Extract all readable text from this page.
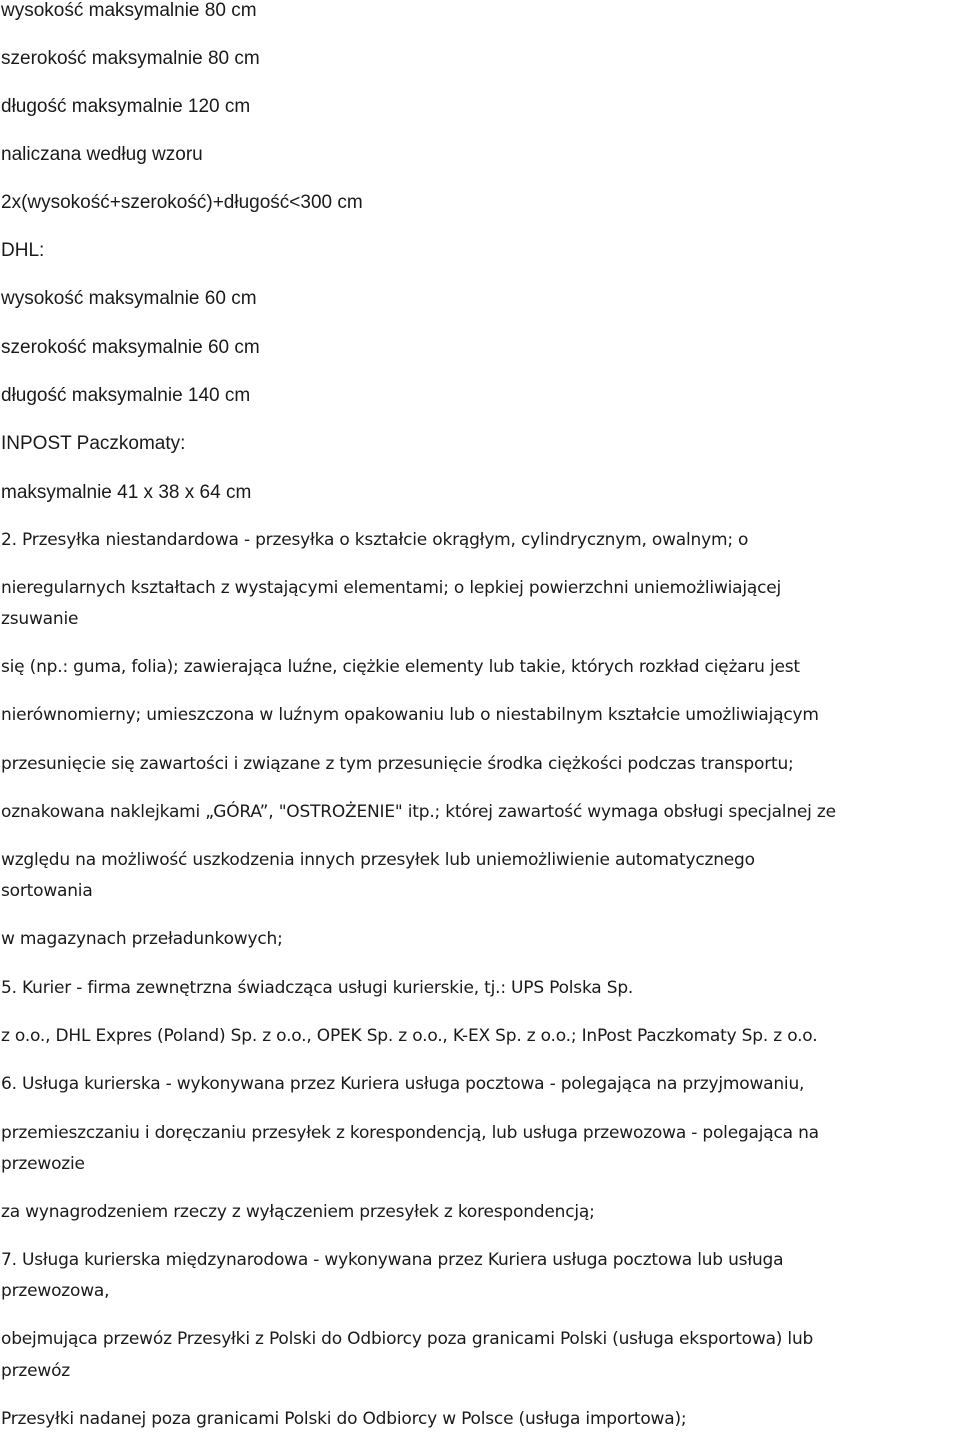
wysokość maksymalnie 80 cm
szerokość maksymalnie 80 cm
długość maksymalnie 120 cm
naliczana według wzoru
2x(wysokość+szerokość)+długość<300 cm
DHL:
wysokość maksymalnie 60 cm
szerokość maksymalnie 60 cm
długość maksymalnie 140 cm
INPOST Paczkomaty:
maksymalnie 41 x 38 x 64 cm
2. Przesyłka niestandardowa - przesyłka o kształcie okrągłym, cylindrycznym, owalnym; o
nieregularnych kształtach z wystającymi elementami; o lepkiej powierzchni uniemożliwiającej
zsuwanie
się (np.: guma, folia); zawierająca luźne, ciężkie elementy lub takie, których rozkład ciężaru jest
nierównomierny; umieszczona w luźnym opakowaniu lub o niestabilnym kształcie umożliwiającym
przesunięcie się zawartości i związane z tym przesunięcie środka ciężkości podczas transportu;
oznakowana naklejkami „GÓRA”, "OSTROŻENIE" itp.; której zawartość wymaga obsługi specjalnej ze
względu na możliwość uszkodzenia innych przesyłek lub uniemożliwienie automatycznego
sortowania
w magazynach przeładunkowych;
5. Kurier - firma zewnętrzna świadcząca usługi kurierskie, tj.: UPS Polska Sp.
z o.o., DHL Expres (Poland) Sp. z o.o., OPEK Sp. z o.o., K-EX Sp. z o.o.; InPost Paczkomaty Sp. z o.o.
6. Usługa kurierska - wykonywana przez Kuriera usługa pocztowa - polegająca na przyjmowaniu,
przemieszczaniu i doręczaniu przesyłek z korespondencją, lub usługa przewozowa - polegająca na
przewozie
za wynagrodzeniem rzeczy z wyłączeniem przesyłek z korespondencją;
7. Usługa kurierska międzynarodowa - wykonywana przez Kuriera usługa pocztowa lub usługa
przewozowa,
obejmująca przewóz Przesyłki z Polski do Odbiorcy poza granicami Polski (usługa eksportowa) lub
przewóz
Przesyłki nadanej poza granicami Polski do Odbiorcy w Polsce (usługa importowa);
